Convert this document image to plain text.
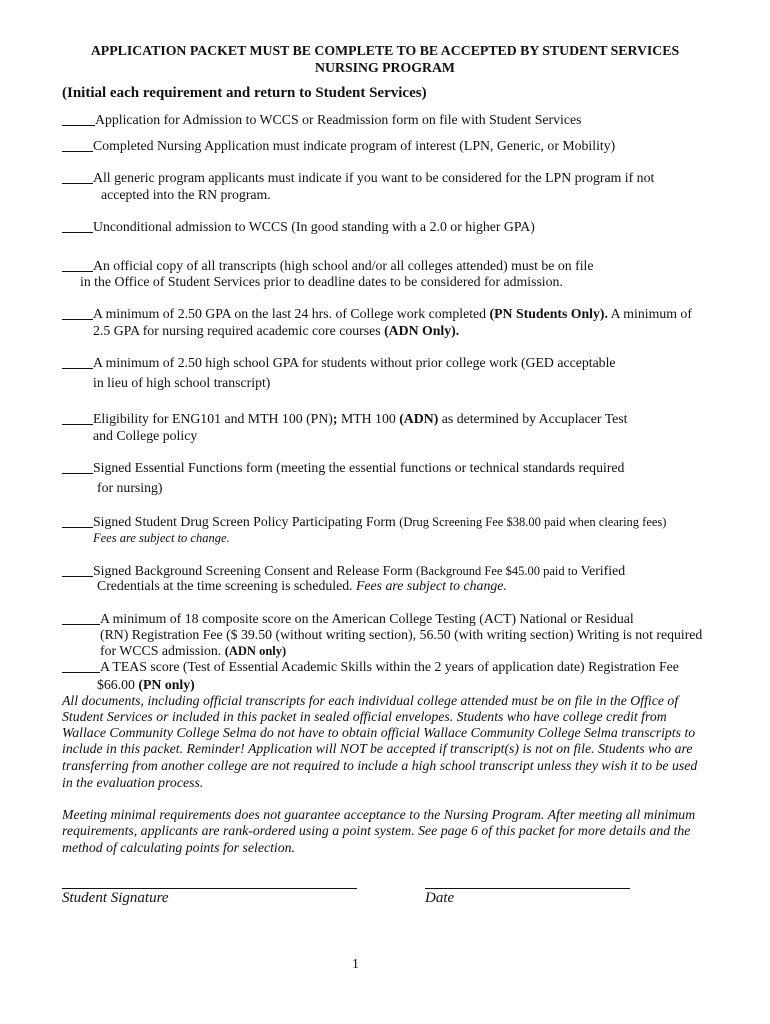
APPLICATION PACKET MUST BE COMPLETE TO BE ACCEPTED BY STUDENT SERVICES
NURSING PROGRAM
(Initial each requirement and return to Student Services)
Application for Admission to WCCS or Readmission form on file with Student Services
Completed Nursing Application must indicate program of interest (LPN, Generic, or Mobility)
All generic program applicants must indicate if you want to be considered for the LPN program if not
accepted into the RN program.
Unconditional admission to WCCS (In good standing with a 2.0 or higher GPA)
An official copy of all transcripts (high school and/or all colleges attended) must be on file
in the Office of Student Services prior to deadline dates to be considered for admission.
A minimum of 2.50 GPA on the last 24 hrs. of College work completed (PN Students Only). A minimum of
2.5 GPA for nursing required academic core courses (ADN Only).
A minimum of 2.50 high school GPA for students without prior college work (GED acceptable
in lieu of high school transcript)
Eligibility for ENG101 and MTH 100 (PN); MTH 100 (ADN) as determined by Accuplacer Test
and College policy
Signed Essential Functions form (meeting the essential functions or technical standards required
for nursing)
Signed Student Drug Screen Policy Participating Form (Drug Screening Fee $38.00 paid when clearing fees)
Fees are subject to change.
Signed Background Screening Consent and Release Form (Background Fee $45.00 paid to Verified
Credentials at the time screening is scheduled. Fees are subject to change.
A minimum of 18 composite score on the American College Testing (ACT) National or Residual
(RN) Registration Fee ($ 39.50 (without writing section), 56.50 (with writing section) Writing is not required
for WCCS admission. (ADN only)
A TEAS score (Test of Essential Academic Skills within the 2 years of application date) Registration Fee
$66.00 (PN only)
All documents, including official transcripts for each individual college attended must be on file in the Office of
Student Services or included in this packet in sealed official envelopes. Students who have college credit from
Wallace Community College Selma do not have to obtain official Wallace Community College Selma transcripts to
include in this packet. Reminder! Application will NOT be accepted if transcript(s) is not on file. Students who are
transferring from another college are not required to include a high school transcript unless they wish it to be used
in the evaluation process.
Meeting minimal requirements does not guarantee acceptance to the Nursing Program. After meeting all minimum
requirements, applicants are rank-ordered using a point system. See page 6 of this packet for more details and the
method of calculating points for selection.
Student Signature	Date
1
